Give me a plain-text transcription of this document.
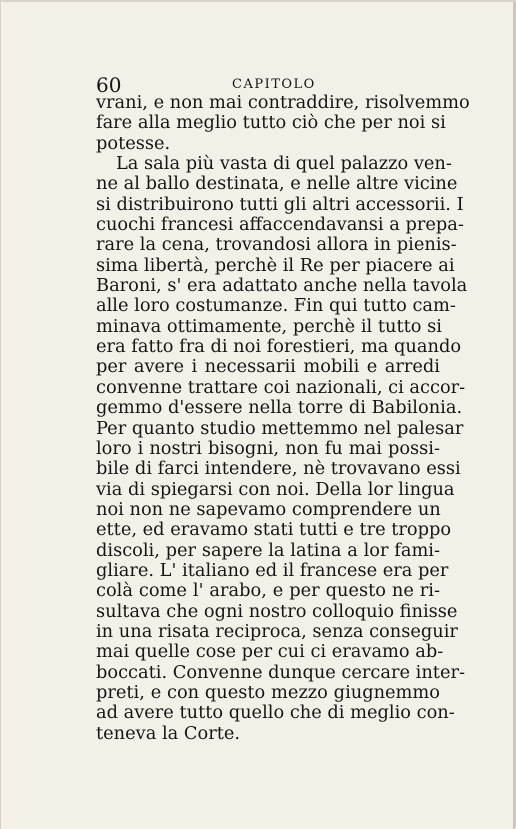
60	CAPITOLO
vrani, e non mai contraddire, risolvemmo
fare alla meglio tutto ciò che per noi si
potesse.
La sala più vasta di quel palazzo ven-
ne al ballo destinata, e nelle altre vicine
si distribuirono tutti gli altri accessorii. I
cuochi francesi affaccendavansi a prepa-
rare la cena, trovandosi allora in pienis-
sima libertà, perchè il Re per piacere ai
Baroni, s' era adattato anche nella tavola
alle loro costumanze. Fin qui tutto cam-
minava ottimamente, perchè il tutto si
era fatto fra di noi forestieri, ma quando
per avere i necessarii mobili e arredi
convenne trattare coi nazionali, ci accor-
gemmo d'essere nella torre di Babilonia.
Per quanto studio mettemmo nel palesar
loro i nostri bisogni, non fu mai possi-
bile di farci intendere, nè trovavano essi
via di spiegarsi con noi. Della lor lingua
noi non ne sapevamo comprendere un
ette, ed eravamo stati tutti e tre troppo
discoli, per sapere la latina a lor fami-
gliare. L' italiano ed il francese era per
colà come l' arabo, e per questo ne ri-
sultava che ogni nostro colloquio finisse
in una risata reciproca, senza conseguir
mai quelle cose per cui ci eravamo ab-
boccati. Convenne dunque cercare inter-
preti, e con questo mezzo giugnemmo
ad avere tutto quello che di meglio con-
teneva la Corte.
